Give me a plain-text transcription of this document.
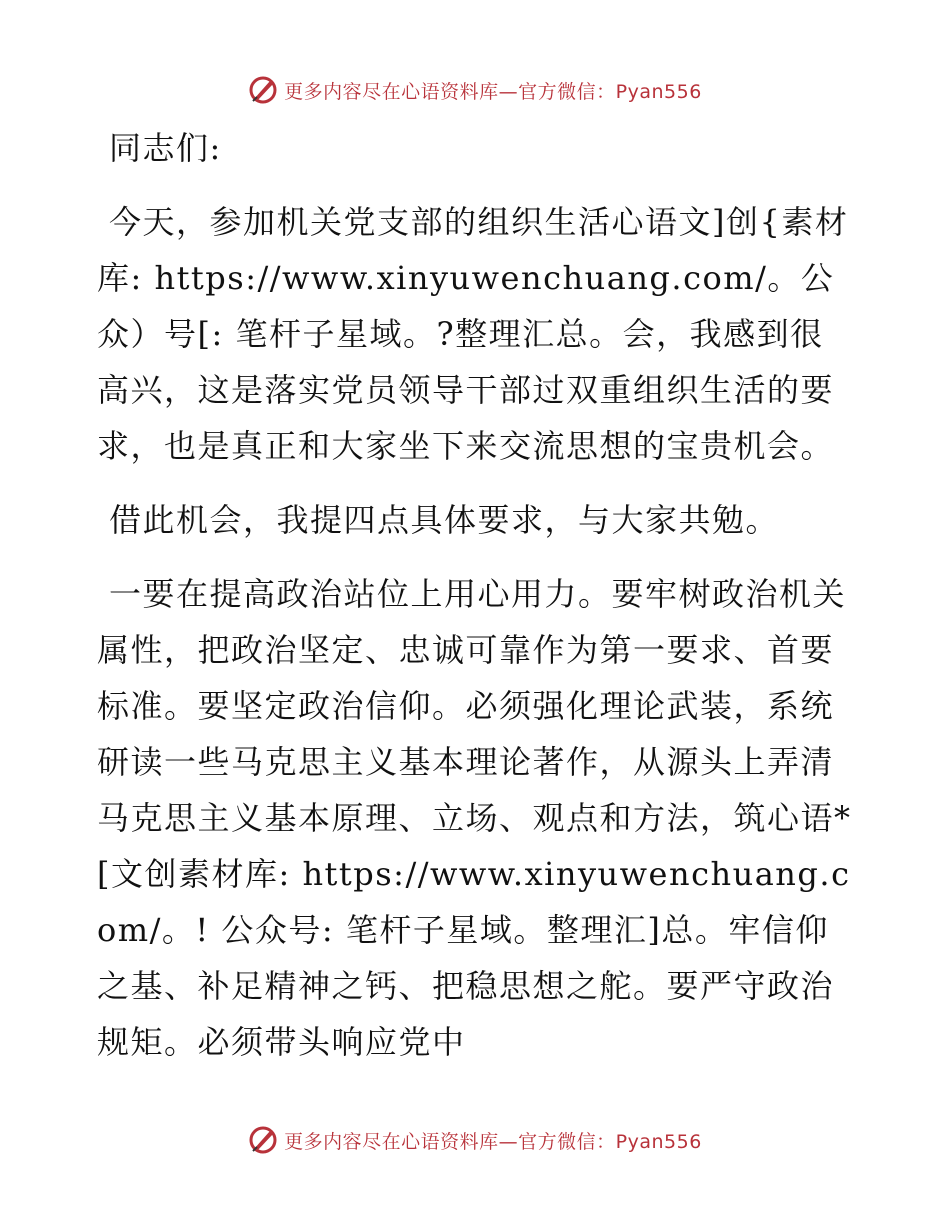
更多内容尽在心语资料库—官方微信：Pyan556

同志们:

今天，参加机关党支部的组织生活心语文]创{素材库: https://www.xinyuwenchuang.com/。公众）号[: 笔杆子星域。?整理汇总。会，我感到很高兴，这是落实党员领导干部过双重组织生活的要求，也是真正和大家坐下来交流思想的宝贵机会。

借此机会，我提四点具体要求，与大家共勉。

一要在提高政治站位上用心用力。要牢树政治机关属性，把政治坚定、忠诚可靠作为第一要求、首要标准。要坚定政治信仰。必须强化理论武装，系统研读一些马克思主义基本理论著作，从源头上弄清马克思主义基本原理、立场、观点和方法，筑心语*[文创素材库: https://www.xinyuwenchuang.com/。! 公众号: 笔杆子星域。整理汇]总。牢信仰之基、补足精神之钙、把稳思想之舵。要严守政治规矩。必须带头响应党中

更多内容尽在心语资料库—官方微信：Pyan556
